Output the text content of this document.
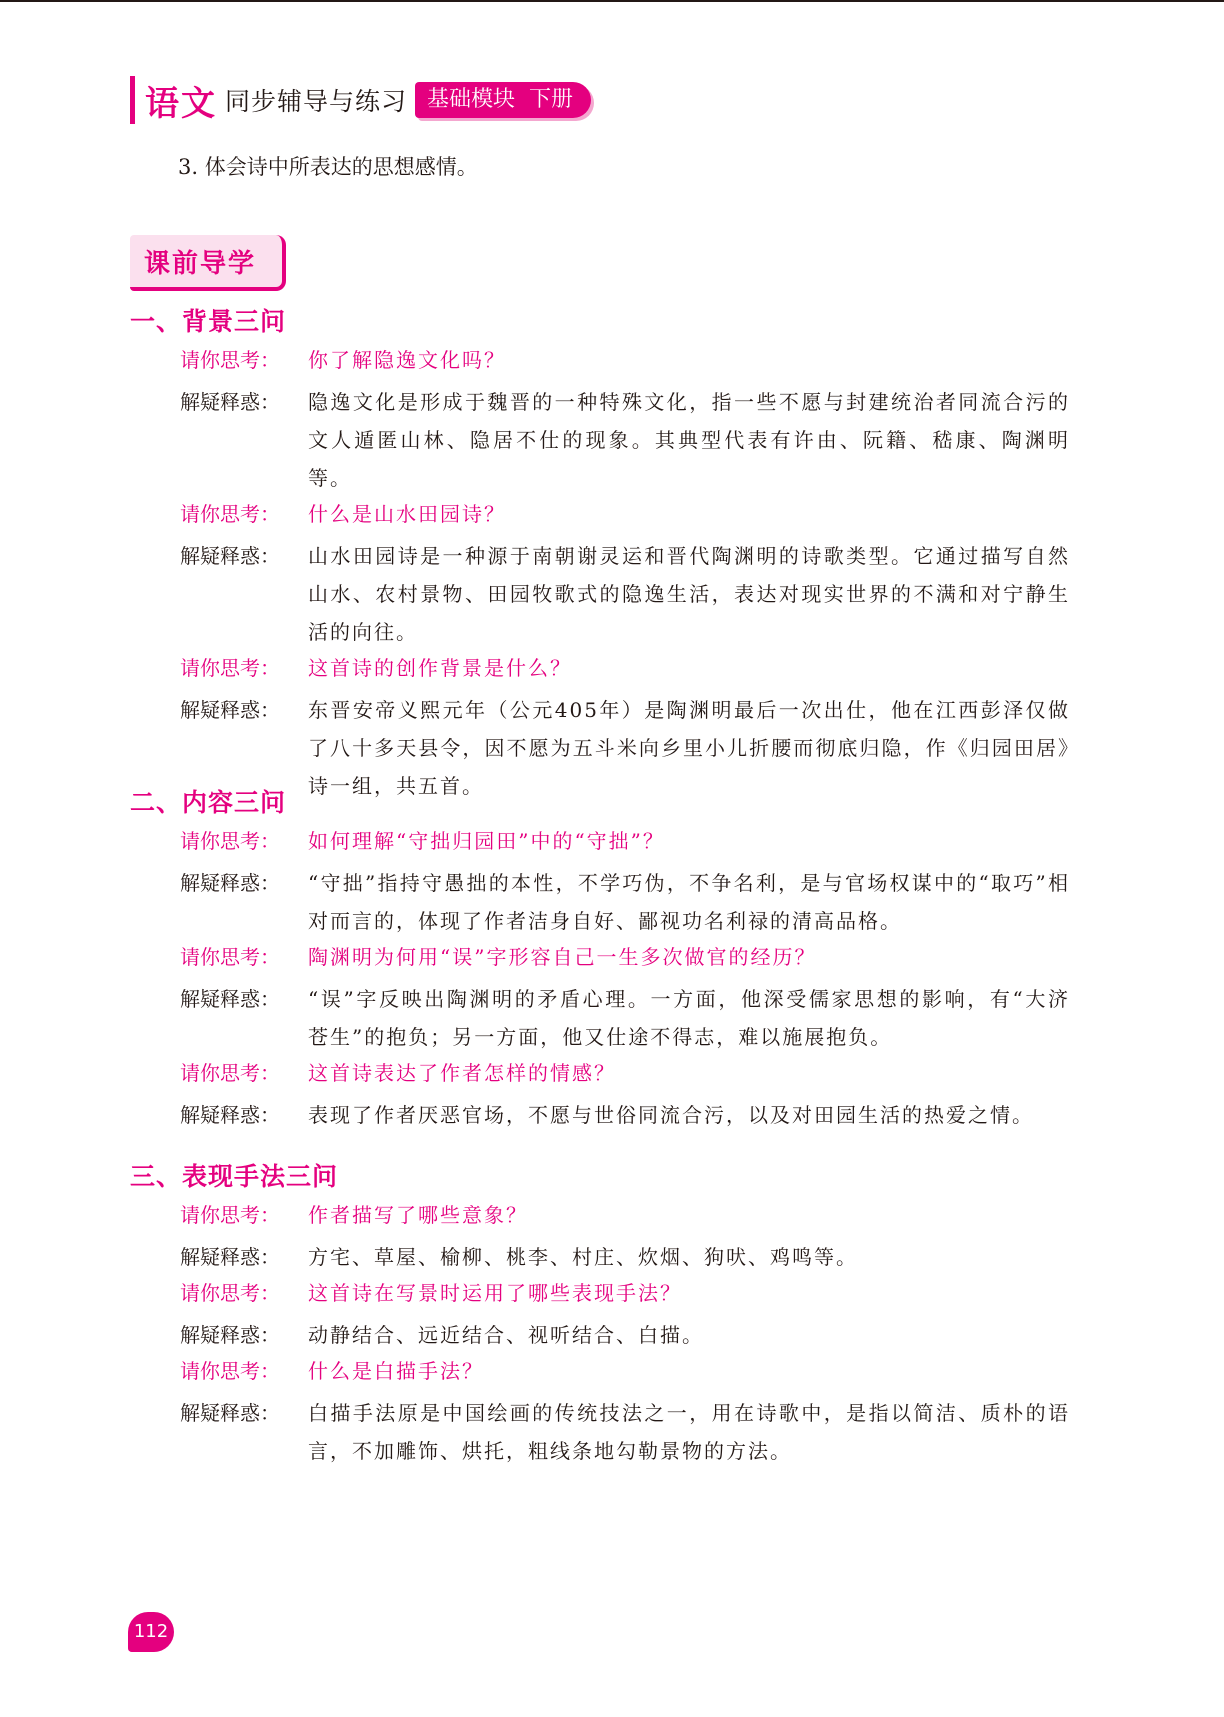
语文 同步辅导与练习 基础模块 下册
3. 体会诗中所表达的思想感情。
课前导学
一、背景三问
请你思考：	你了解隐逸文化吗？
解疑释惑：	隐逸文化是形成于魏晋的一种特殊文化，指一些不愿与封建统治者同流合污的文人遁匿山林、隐居不仕的现象。其典型代表有许由、阮籍、嵇康、陶渊明等。
请你思考：	什么是山水田园诗？
解疑释惑：	山水田园诗是一种源于南朝谢灵运和晋代陶渊明的诗歌类型。它通过描写自然山水、农村景物、田园牧歌式的隐逸生活，表达对现实世界的不满和对宁静生活的向往。
请你思考：	这首诗的创作背景是什么？
解疑释惑：	东晋安帝义熙元年（公元405年）是陶渊明最后一次出仕，他在江西彭泽仅做了八十多天县令，因不愿为五斗米向乡里小儿折腰而彻底归隐，作《归园田居》诗一组，共五首。
二、内容三问
请你思考：	如何理解“守拙归园田”中的“守拙”？
解疑释惑：	“守拙”指持守愚拙的本性，不学巧伪，不争名利，是与官场权谋中的“取巧”相对而言的，体现了作者洁身自好、鄙视功名利禄的清高品格。
请你思考：	陶渊明为何用“误”字形容自己一生多次做官的经历？
解疑释惑：	“误”字反映出陶渊明的矛盾心理。一方面，他深受儒家思想的影响，有“大济苍生”的抱负；另一方面，他又仕途不得志，难以施展抱负。
请你思考：	这首诗表达了作者怎样的情感？
解疑释惑：	表现了作者厌恶官场，不愿与世俗同流合污，以及对田园生活的热爱之情。
三、表现手法三问
请你思考：	作者描写了哪些意象？
解疑释惑：	方宅、草屋、榆柳、桃李、村庄、炊烟、狗吠、鸡鸣等。
请你思考：	这首诗在写景时运用了哪些表现手法？
解疑释惑：	动静结合、远近结合、视听结合、白描。
请你思考：	什么是白描手法？
解疑释惑：	白描手法原是中国绘画的传统技法之一，用在诗歌中，是指以简洁、质朴的语言，不加雕饰、烘托，粗线条地勾勒景物的方法。
112
